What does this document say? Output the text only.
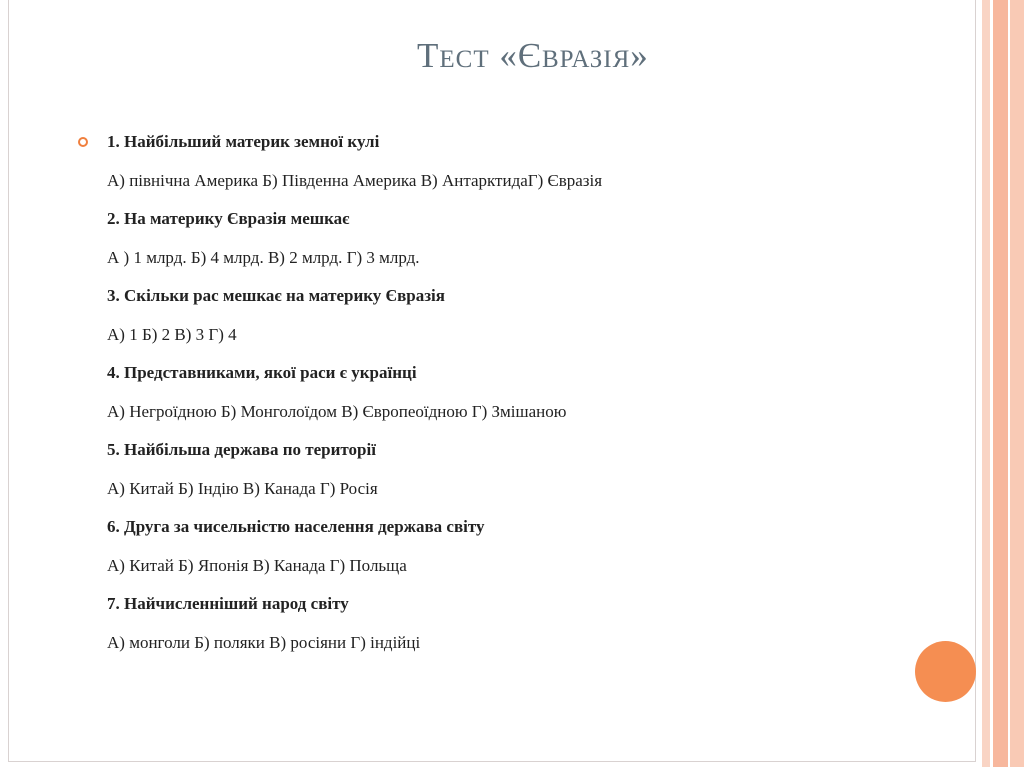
Тест «Євразія»
1. Найбільший материк земної кулі
А) північна Америка Б) Південна Америка В) АнтарктидаГ) Євразія
2. На материку Євразія мешкає
А ) 1 млрд. Б) 4 млрд. В) 2 млрд. Г) 3 млрд.
3. Скільки рас мешкає на материку Євразія
А) 1 Б) 2 В) 3 Г) 4
4. Представниками, якої раси є українці
А) Негроїдною Б) Монголоїдом В) Європеоїдною Г) Змішаною
5. Найбільша держава по території
А) Китай Б) Індію В) Канада Г) Росія
6. Друга за чисельністю населення держава світу
А) Китай Б) Японія В) Канада Г) Польща
7. Найчисленніший народ світу
А) монголи Б) поляки В) росіяни Г) індійці
